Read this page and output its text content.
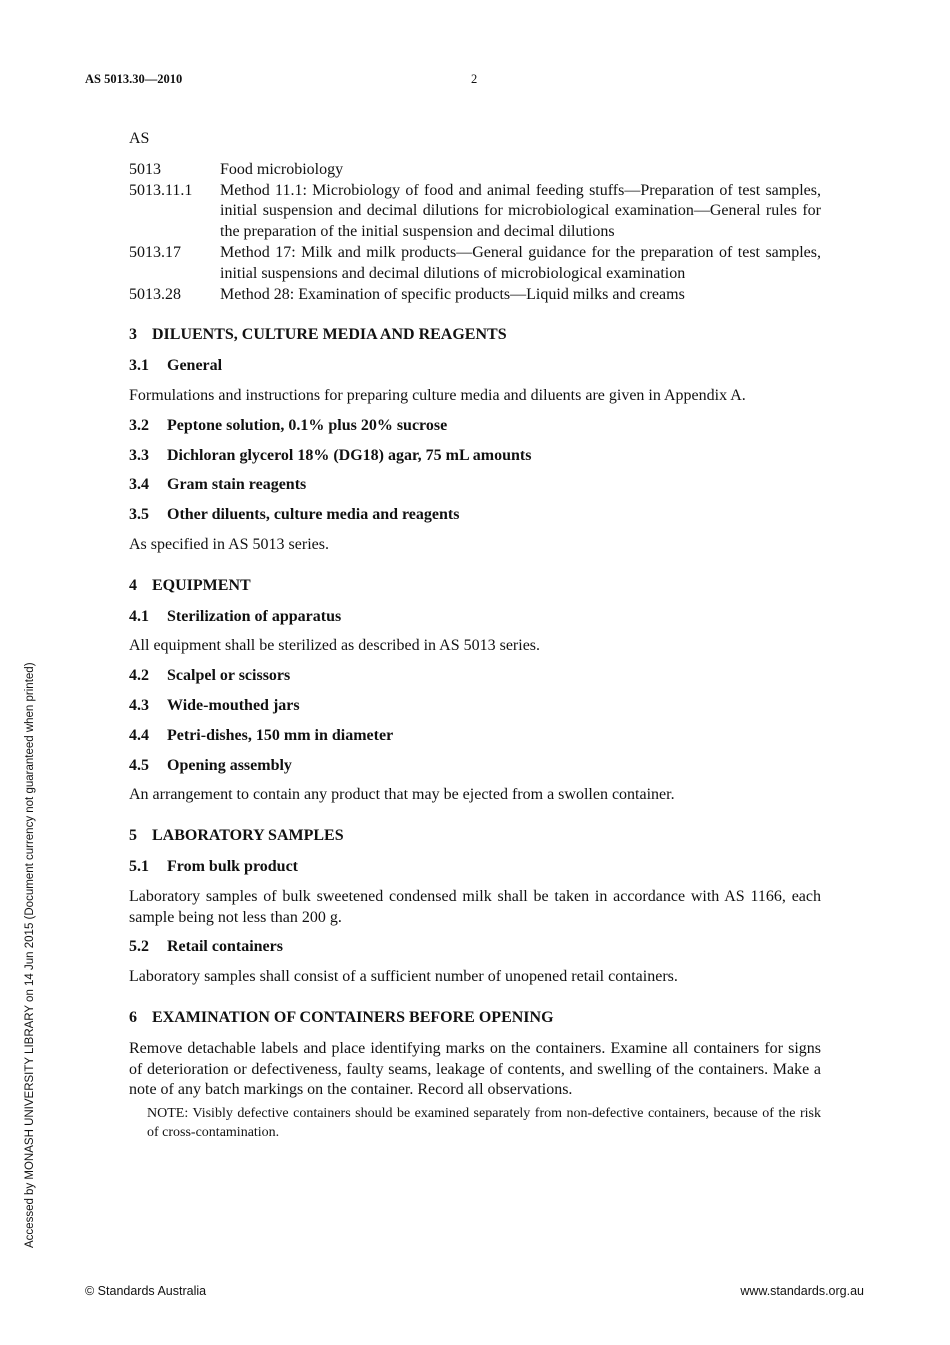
AS 5013.30—2010	2
Accessed by MONASH UNIVERSITY LIBRARY on 14 Jun 2015 (Document currency not guaranteed when printed)
AS
5013	Food microbiology
5013.11.1	Method 11.1: Microbiology of food and animal feeding stuffs—Preparation of test samples, initial suspension and decimal dilutions for microbiological examination—General rules for the preparation of the initial suspension and decimal dilutions
5013.17	Method 17: Milk and milk products—General guidance for the preparation of test samples, initial suspensions and decimal dilutions of microbiological examination
5013.28	Method 28: Examination of specific products—Liquid milks and creams
3 DILUENTS, CULTURE MEDIA AND REAGENTS
3.1 General

Formulations and instructions for preparing culture media and diluents are given in Appendix A.

3.2 Peptone solution, 0.1% plus 20% sucrose
3.3 Dichloran glycerol 18% (DG18) agar, 75 mL amounts
3.4 Gram stain reagents
3.5 Other diluents, culture media and reagents

As specified in AS 5013 series.

4 EQUIPMENT
4.1 Sterilization of apparatus

All equipment shall be sterilized as described in AS 5013 series.

4.2 Scalpel or scissors
4.3 Wide-mouthed jars
4.4 Petri-dishes, 150 mm in diameter
4.5 Opening assembly

An arrangement to contain any product that may be ejected from a swollen container.

5 LABORATORY SAMPLES
5.1 From bulk product

Laboratory samples of bulk sweetened condensed milk shall be taken in accordance with AS 1166, each sample being not less than 200 g.

5.2 Retail containers

Laboratory samples shall consist of a sufficient number of unopened retail containers.

6 EXAMINATION OF CONTAINERS BEFORE OPENING

Remove detachable labels and place identifying marks on the containers. Examine all containers for signs of deterioration or defectiveness, faulty seams, leakage of contents, and swelling of the containers. Make a note of any batch markings on the container. Record all observations.

NOTE: Visibly defective containers should be examined separately from non-defective containers, because of the risk of cross-contamination.
© Standards Australia	www.standards.org.au
